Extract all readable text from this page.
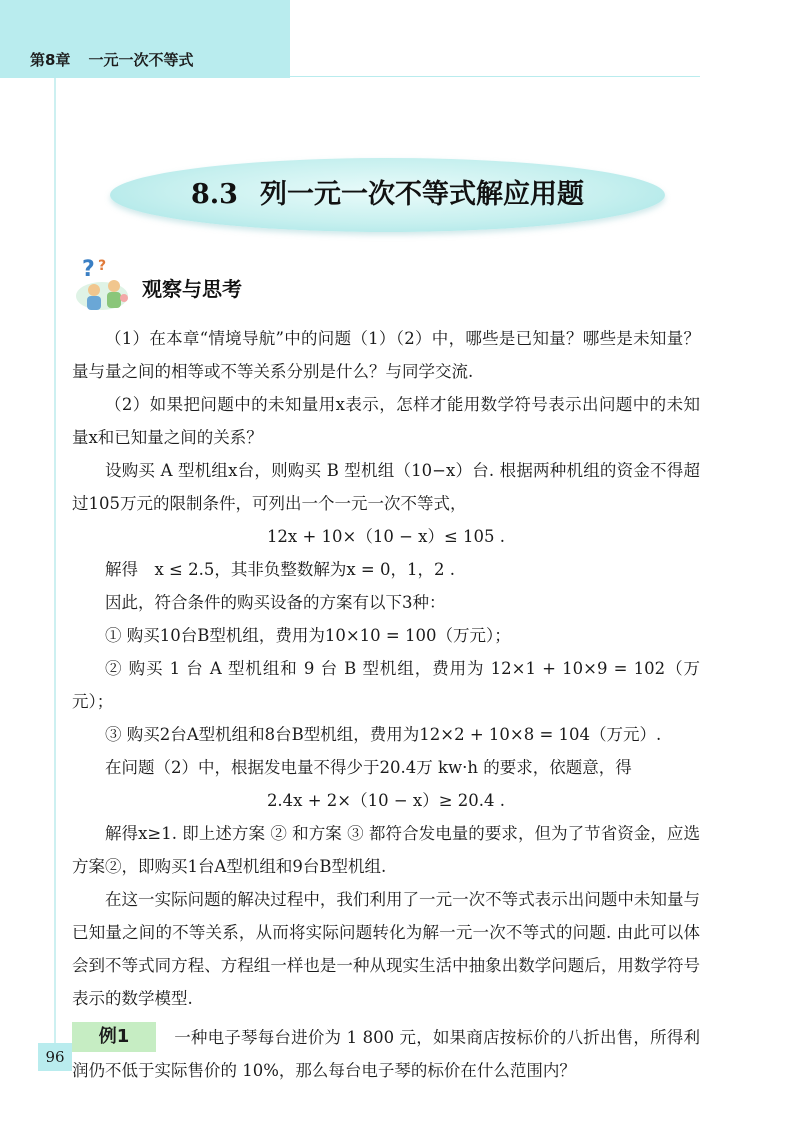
第8章 一元一次不等式
8.3 列一元一次不等式解应用题
? ?
观察与思考

（1）在本章“情境导航”中的问题（1）（2）中，哪些是已知量？哪些是未知量？量与量之间的相等或不等关系分别是什么？与同学交流.

（2）如果把问题中的未知量用x表示，怎样才能用数学符号表示出问题中的未知量x和已知量之间的关系？

设购买 A 型机组x台，则购买 B 型机组（10−x）台. 根据两种机组的资金不得超过105万元的限制条件，可列出一个一元一次不等式，

12x + 10×（10 − x）≤ 105 .

解得　x ≤ 2.5，其非负整数解为x = 0，1，2 .

因此，符合条件的购买设备的方案有以下3种：

① 购买10台B型机组，费用为10×10 = 100（万元）；

② 购买 1 台 A 型机组和 9 台 B 型机组，费用为 12×1 + 10×9 = 102（万元）；

③ 购买2台A型机组和8台B型机组，费用为12×2 + 10×8 = 104（万元）.

在问题（2）中，根据发电量不得少于20.4万 kw·h 的要求，依题意，得

2.4x + 2×（10 − x）≥ 20.4 .

解得x≥1. 即上述方案 ② 和方案 ③ 都符合发电量的要求，但为了节省资金，应选方案②，即购买1台A型机组和9台B型机组.

在这一实际问题的解决过程中，我们利用了一元一次不等式表示出问题中未知量与已知量之间的不等关系，从而将实际问题转化为解一元一次不等式的问题. 由此可以体会到不等式同方程、方程组一样也是一种从现实生活中抽象出数学问题后，用数学符号表示的数学模型.

例1	一种电子琴每台进价为 1 800 元，如果商店按标价的八折出售，所得利润仍不低于实际售价的 10%，那么每台电子琴的标价在什么范围内？

96
